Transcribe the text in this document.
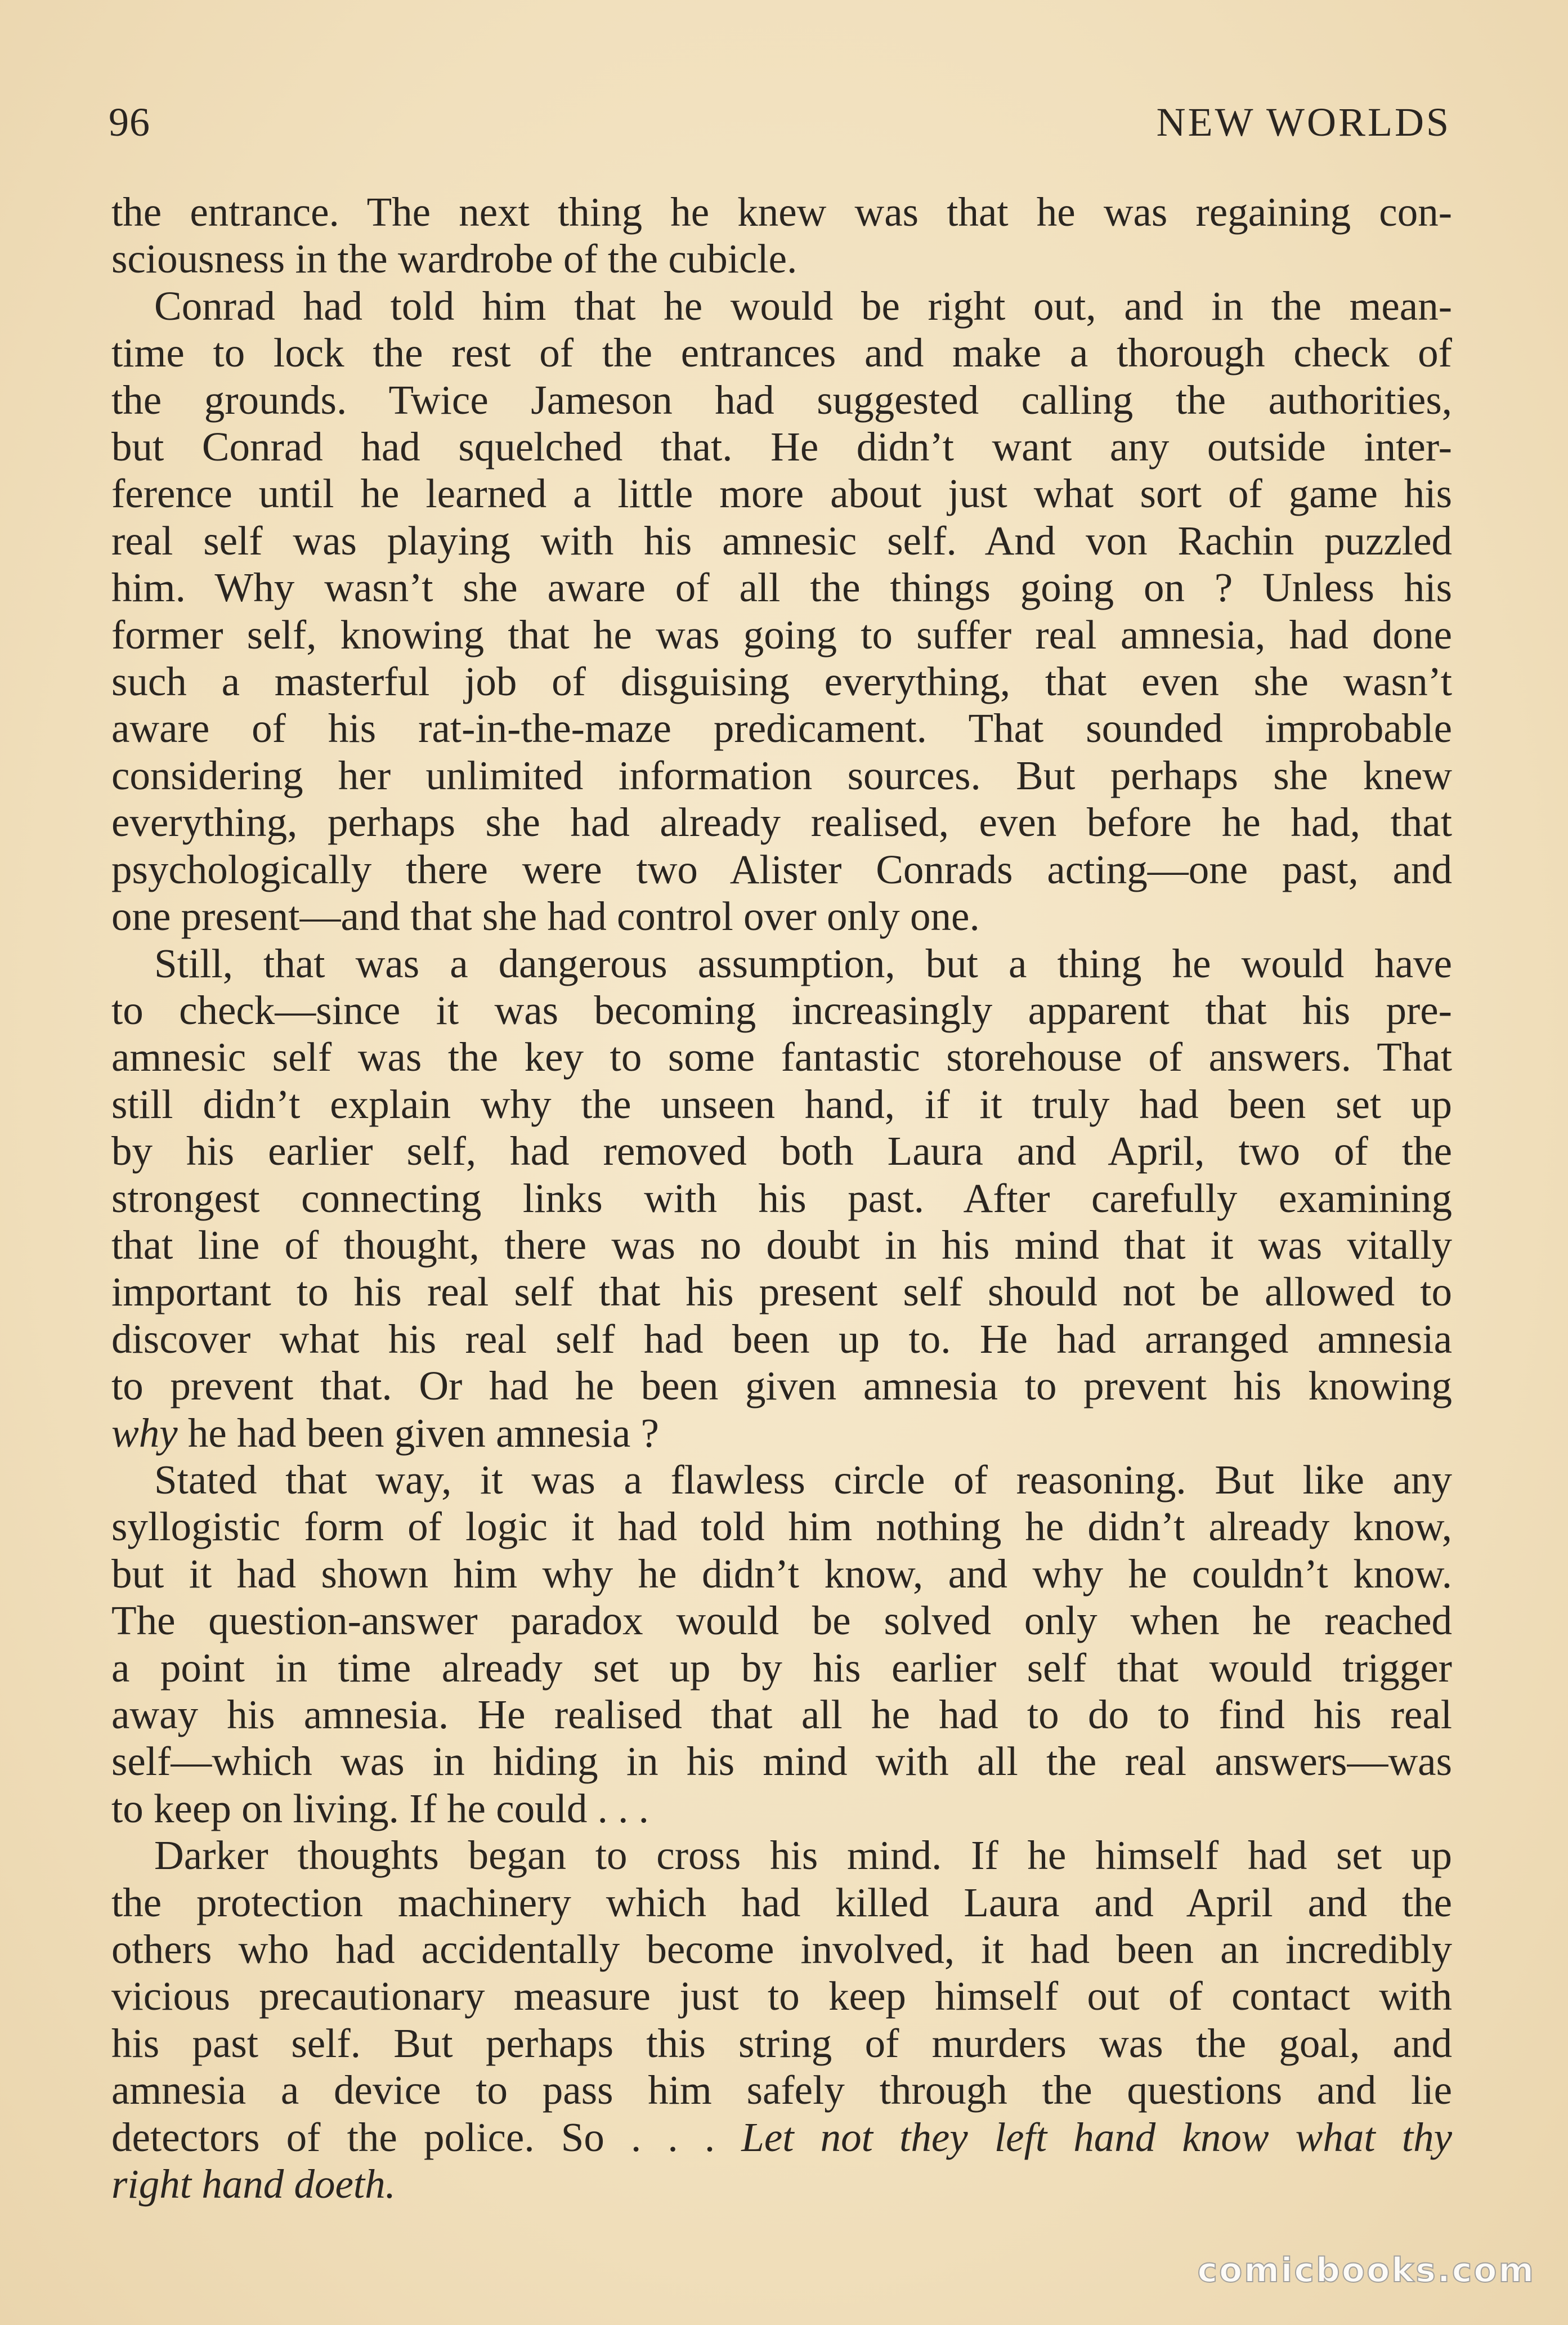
96	NEW WORLDS
the entrance. The next thing he knew was that he was regaining con-
sciousness in the wardrobe of the cubicle.
Conrad had told him that he would be right out, and in the mean-
time to lock the rest of the entrances and make a thorough check of
the grounds. Twice Jameson had suggested calling the authorities,
but Conrad had squelched that. He didn’t want any outside inter-
ference until he learned a little more about just what sort of game his
real self was playing with his amnesic self. And von Rachin puzzled
him. Why wasn’t she aware of all the things going on ? Unless his
former self, knowing that he was going to suffer real amnesia, had done
such a masterful job of disguising everything, that even she wasn’t
aware of his rat-in-the-maze predicament. That sounded improbable
considering her unlimited information sources. But perhaps she knew
everything, perhaps she had already realised, even before he had, that
psychologically there were two Alister Conrads acting—one past, and
one present—and that she had control over only one.
Still, that was a dangerous assumption, but a thing he would have
to check—since it was becoming increasingly apparent that his pre-
amnesic self was the key to some fantastic storehouse of answers. That
still didn’t explain why the unseen hand, if it truly had been set up
by his earlier self, had removed both Laura and April, two of the
strongest connecting links with his past. After carefully examining
that line of thought, there was no doubt in his mind that it was vitally
important to his real self that his present self should not be allowed to
discover what his real self had been up to. He had arranged amnesia
to prevent that. Or had he been given amnesia to prevent his knowing
why he had been given amnesia ?
Stated that way, it was a flawless circle of reasoning. But like any
syllogistic form of logic it had told him nothing he didn’t already know,
but it had shown him why he didn’t know, and why he couldn’t know.
The question-answer paradox would be solved only when he reached
a point in time already set up by his earlier self that would trigger
away his amnesia. He realised that all he had to do to find his real
self—which was in hiding in his mind with all the real answers—was
to keep on living. If he could . . .
Darker thoughts began to cross his mind. If he himself had set up
the protection machinery which had killed Laura and April and the
others who had accidentally become involved, it had been an incredibly
vicious precautionary measure just to keep himself out of contact with
his past self. But perhaps this string of murders was the goal, and
amnesia a device to pass him safely through the questions and lie
detectors of the police. So . . . Let not they left hand know what thy
right hand doeth.
comicbooks.com
